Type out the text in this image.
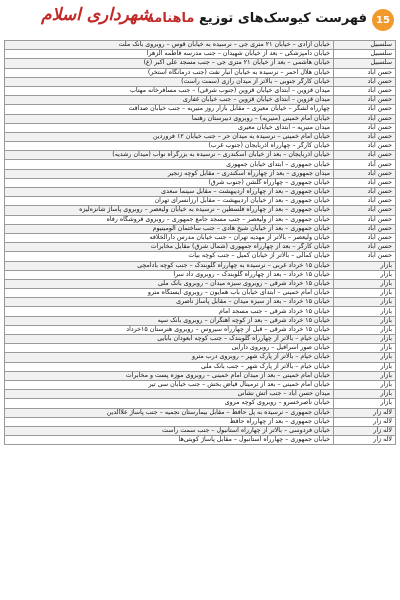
15
فهرست کیوسک‌های توزیع ماهنامه
شهرداری اسلام
سلسبیل	خیابان آزادی – خیابان ۲۱ متری جی – نرسیده به خیابان قوس – روبروی بانک ملت
سلسبیل	خیابان دامپزشکی – بعد از خیابان شهیدان – جنب مدرسه فاطمه الزهرا
سلسبیل	خیابان هاشمی – بعد از خیابان ۲۱ متری جی – جنب مسجد علی اکبر (ع)
حسن آباد	خیابان هلال احمر – نرسیده به خیابان انبار نفت (جنب درمانگاه استخر)
حسن آباد	خیابان کارگر جنوبی – بالاتر از میدان رازی (سمت راست)
حسن آباد	میدان قزوین – ابتدای خیابان قزوین (جنوب شرقی) – جنب مسافرخانه مهتاب
حسن آباد	میدان قزوین – ابتدای خیابان قزوین – جنب خیابان غفاری
حسن آباد	چهارراه لشگر – خیابان معیری – مقابل بازار روز منیریه – جنب خیابان صداقت
حسن آباد	خیابان امام خمینی (منیریه) – روبروی دبیرستان رهنما
حسن آباد	میدان منیریه – ابتدای خیابان معیری
حسن آباد	خیابان امام خمینی – نرسیده به میدان حر – جنب خیابان ۱۲ فروردین
حسن آباد	خیابان کارگر – چهارراه آذربایجان (جنوب غرب)
حسن آباد	خیابان آذربایجان – بعد از خیابان اسکندری – نرسیده به بزرگراه نواب (میدان رشدیه)
حسن آباد	خیابان جمهوری – ابتدای خیابان جمهوری
حسن آباد	میدان جمهوری – بعد از چهارراه اسکندری – مقابل کوچه زنجیر
حسن آباد	خیابان جمهوری – چهارراه گلشن (جنوب شرق)
حسن آباد	خیابان جمهوری – بعد از چهارراه اردیبهشت – مقابل سینما سعدی
حسن آباد	خیابان جمهوری – بعد از خیابان اردیبهشت – مقابل ارزانسرای تهران
حسن آباد	خیابان جمهوری – بعد از چهارراه فلسطین – نرسیده به خیابان ولیعصر – روبروی پاساژ شانزه‌لیزه
حسن آباد	خیابان جمهوری – بعد از ولیعصر – جنب مسجد جامع جمهوری – روبروی فروشگاه رفاه
حسن آباد	خیابان جمهوری – بعد از خیابان شیخ هادی – جنب ساختمان آلومینیوم
حسن آباد	خیابان ولیعصر – بالاتر از مهدیه تهران – جنب خیابان مدرس دارالخلافه
حسن آباد	خیابان کارگر – بعد از چهارراه جمهوری (شمال شرق) مقابل مخابرات
حسن آباد	خیابان کمالی – بالاتر از خیابان کمیل – جنب کوچه بیات
بازار	خیابان ۱۵ خرداد غربی – نرسیده به چهارراه گلوبندک – جنب کوچه بادامچی
بازار	خیابان ۱۵ خرداد – بعد از چهارراه گلوبندک – روبروی داد سرا
بازار	خیابان ۱۵ خرداد شرقی – روبروی سبزه میدان – روبروی بانک ملی
بازار	خیابان امام خمینی – ابتدای خیابان باب همایون – روبروی ایستگاه مترو
بازار	خیابان ۱۵ خرداد – بعد از سبزه میدان – مقابل پاساژ ناصری
بازار	خیابان ۱۵ خرداد شرقی – جنب مسجد امام
بازار	خیابان ۱۵ خرداد شرقی – بعد از کوچه آهنگران – روبروی بانک سپه
بازار	خیابان ۱۵ خرداد شرقی – قبل از چهارراه سیروس – روبروی هنرستان ۱۵خرداد
بازار	خیابان خیام – بالاتر از چهارراه گلوبندک – جنب کوچه آبعودان بابایی
بازار	خیابان صور اسرافیل – روبروی دارایی
بازار	خیابان خیام – بالاتر از پارک شهر – روبروی درب مترو
بازار	خیابان خیام – بالاتر از پارک شهر – جنب بانک ملی
بازار	خیابان امام خمینی – بعد از میدان امام خمینی – روبروی موزه پست و مخابرات
بازار	خیابان امام خمینی – بعد از ترمینال فیاض بخش – جنب خیابان سی تیر
بازار	میدان حسن آباد – جنب آتش نشانی
بازار	خیابان ناصرخسرو – روبروی کوچه مروی
لاله زار	خیابان جمهوری – نرسیده به پل حافظ – مقابل بیمارستان نجمیه – جنب پاساژ علاالدین
لاله زار	خیابان جمهوری – بعد از چهارراه حافظ
لاله زار	خیابان فردوسی – بالاتر از چهارراه استانبول – جنب سمت راست
لاله زار	خیابان جمهوری – چهارراه استانبول – مقابل پاساژ کویتی‌ها
